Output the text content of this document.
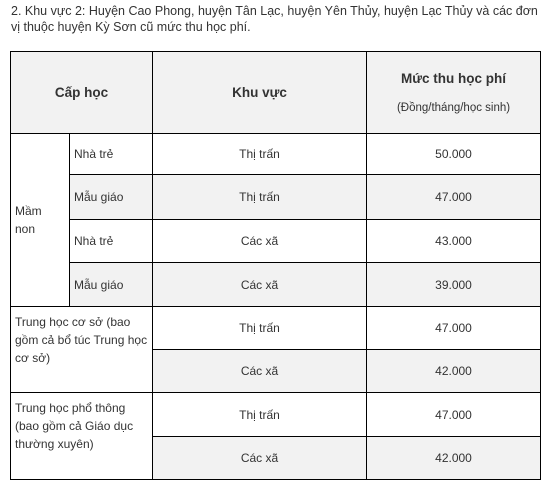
2. Khu vực 2: Huyện Cao Phong, huyện Tân Lạc, huyện Yên Thủy, huyện Lạc Thủy và các đơn vị thuộc huyện Kỳ Sơn cũ mức thu học phí.
Cấp học		Khu vực	Mức thu học phí
(Đồng/tháng/học sinh)

Mầm non	Nhà trẻ	Thị trấn	50.000
	Mẫu giáo	Thị trấn	47.000
	Nhà trẻ	Các xã	43.000
	Mẫu giáo	Các xã	39.000
Trung học cơ sở (bao gồm cả bổ túc Trung học cơ sở)		Thị trấn	47.000
		Các xã	42.000
Trung học phổ thông (bao gồm cả Giáo dục thường xuyên)		Thị trấn	47.000
		Các xã	42.000
